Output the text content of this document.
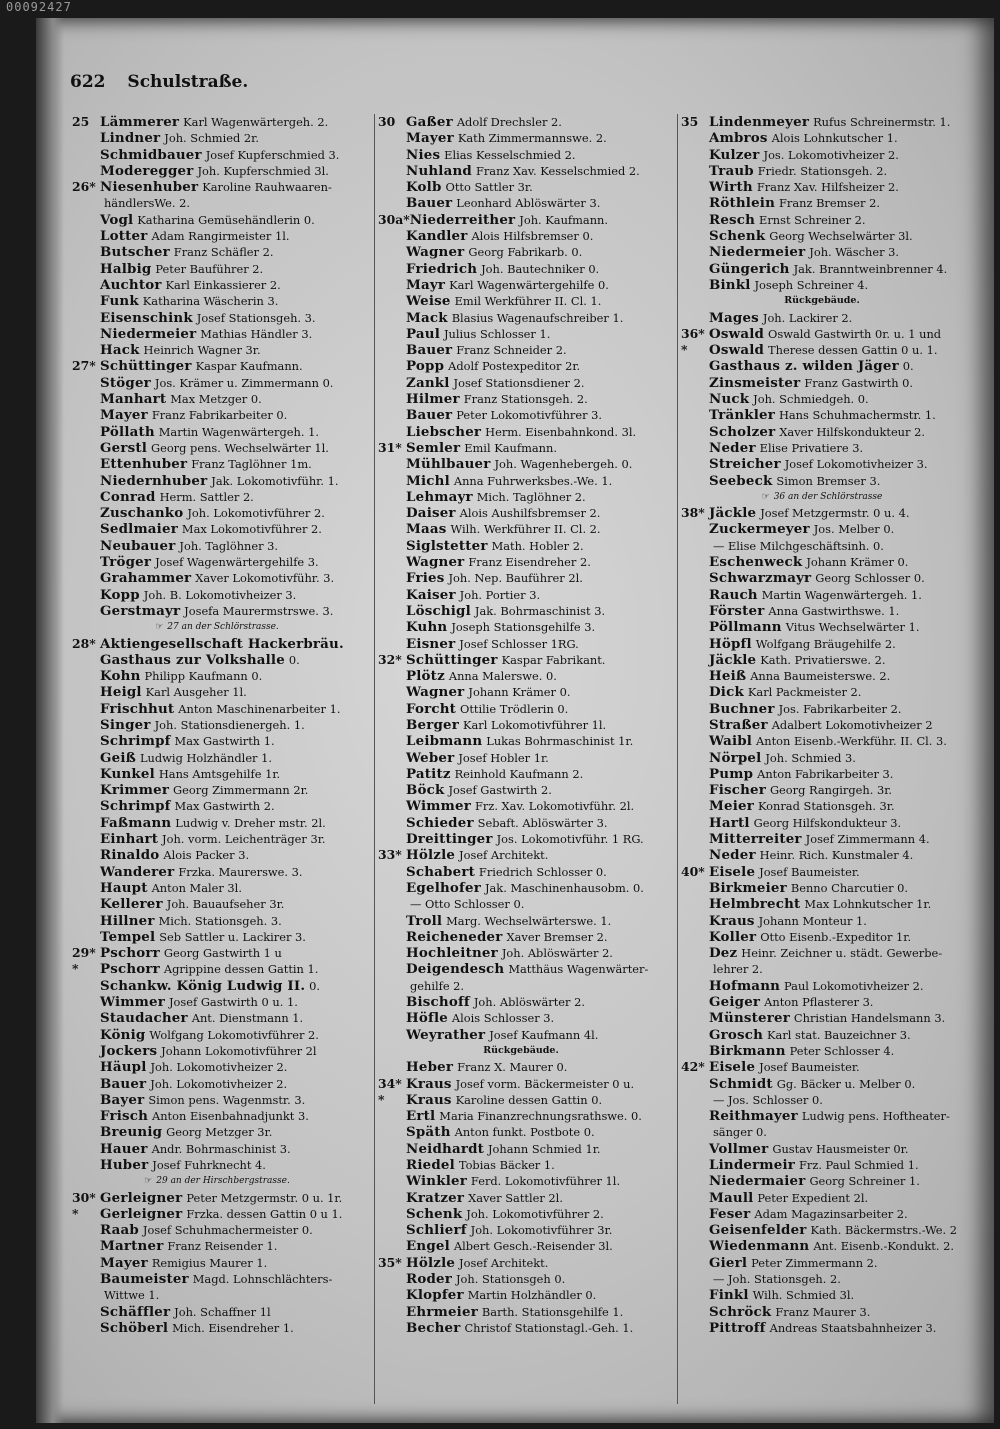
00092427
622 Schulstraße.
25 Lämmerer Karl Wagenwärtergeh. 2.
Lindner Joh. Schmied 2r.
Schmidbauer Josef Kupferschmied 3.
Moderegger Joh. Kupferschmied 3l.
26* Niesenhuber Karoline Rauhwaaren-
händlersWe. 2.
Vogl Katharina Gemüsehändlerin 0.
Lotter Adam Rangirmeister 1l.
Butscher Franz Schäfler 2.
Halbig Peter Bauführer 2.
Auchtor Karl Einkassierer 2.
Funk Katharina Wäscherin 3.
Eisenschink Josef Stationsgeh. 3.
Niedermeier Mathias Händler 3.
Hack Heinrich Wagner 3r.
27* Schüttinger Kaspar Kaufmann.
Stöger Jos. Krämer u. Zimmermann 0.
Manhart Max Metzger 0.
Mayer Franz Fabrikarbeiter 0.
Pöllath Martin Wagenwärtergeh. 1.
Gerstl Georg pens. Wechselwärter 1l.
Ettenhuber Franz Taglöhner 1m.
Niedernhuber Jak. Lokomotivführ. 1.
Conrad Herm. Sattler 2.
Zuschanko Joh. Lokomotivführer 2.
Sedlmaier Max Lokomotivführer 2.
Neubauer Joh. Taglöhner 3.
Tröger Josef Wagenwärtergehilfe 3.
Grahammer Xaver Lokomotivführ. 3.
Kopp Joh. B. Lokomotivheizer 3.
Gerstmayr Josefa Maurermstrswe. 3.
☞ 27 an der Schlörstrasse.
28* Aktiengesellschaft Hackerbräu.
Gasthaus zur Volkshalle 0.
Kohn Philipp Kaufmann 0.
Heigl Karl Ausgeher 1l.
Frischhut Anton Maschinenarbeiter 1.
Singer Joh. Stationsdienergeh. 1.
Schrimpf Max Gastwirth 1.
Geiß Ludwig Holzhändler 1.
Kunkel Hans Amtsgehilfe 1r.
Krimmer Georg Zimmermann 2r.
Schrimpf Max Gastwirth 2.
Faßmann Ludwig v. Dreher mstr. 2l.
Einhart Joh. vorm. Leichenträger 3r.
Rinaldo Alois Packer 3.
Wanderer Frzka. Maurerswe. 3.
Haupt Anton Maler 3l.
Kellerer Joh. Bauaufseher 3r.
Hillner Mich. Stationsgeh. 3.
Tempel Seb Sattler u. Lackirer 3.
29* Pschorr Georg Gastwirth 1 u
* Pschorr Agrippine dessen Gattin 1.
Schankw. König Ludwig II. 0.
Wimmer Josef Gastwirth 0 u. 1.
Staudacher Ant. Dienstmann 1.
König Wolfgang Lokomotivführer 2.
Jockers Johann Lokomotivführer 2l
Häupl Joh. Lokomotivheizer 2.
Bauer Joh. Lokomotivheizer 2.
Bayer Simon pens. Wagenmstr. 3.
Frisch Anton Eisenbahnadjunkt 3.
Breunig Georg Metzger 3r.
Hauer Andr. Bohrmaschinist 3.
Huber Josef Fuhrknecht 4.
☞ 29 an der Hirschbergstrasse.
30* Gerleigner Peter Metzgermstr. 0 u. 1r.
* Gerleigner Frzka. dessen Gattin 0 u 1.
Raab Josef Schuhmachermeister 0.
Martner Franz Reisender 1.
Mayer Remigius Maurer 1.
Baumeister Magd. Lohnschlächters-
Wittwe 1.
Schäffler Joh. Schaffner 1l
Schöberl Mich. Eisendreher 1.
30 Gaßer Adolf Drechsler 2.
Mayer Kath Zimmermannswe. 2.
Nies Elias Kesselschmied 2.
Nuhland Franz Xav. Kesselschmied 2.
Kolb Otto Sattler 3r.
Bauer Leonhard Ablöswärter 3.
30a*Niederreither Joh. Kaufmann.
Kandler Alois Hilfsbremser 0.
Wagner Georg Fabrikarb. 0.
Friedrich Joh. Bautechniker 0.
Mayr Karl Wagenwärtergehilfe 0.
Weise Emil Werkführer II. Cl. 1.
Mack Blasius Wagenaufschreiber 1.
Paul Julius Schlosser 1.
Bauer Franz Schneider 2.
Popp Adolf Postexpeditor 2r.
Zankl Josef Stationsdiener 2.
Hilmer Franz Stationsgeh. 2.
Bauer Peter Lokomotivführer 3.
Liebscher Herm. Eisenbahnkond. 3l.
31* Semler Emil Kaufmann.
Mühlbauer Joh. Wagenhebergeh. 0.
Michl Anna Fuhrwerksbes.-We. 1.
Lehmayr Mich. Taglöhner 2.
Daiser Alois Aushilfsbremser 2.
Maas Wilh. Werkführer II. Cl. 2.
Siglstetter Math. Hobler 2.
Wagner Franz Eisendreher 2.
Fries Joh. Nep. Bauführer 2l.
Kaiser Joh. Portier 3.
Löschigl Jak. Bohrmaschinist 3.
Kuhn Joseph Stationsgehilfe 3.
Eisner Josef Schlosser 1RG.
32* Schüttinger Kaspar Fabrikant.
Plötz Anna Malerswe. 0.
Wagner Johann Krämer 0.
Forcht Ottilie Trödlerin 0.
Berger Karl Lokomotivführer 1l.
Leibmann Lukas Bohrmaschinist 1r.
Weber Josef Hobler 1r.
Patitz Reinhold Kaufmann 2.
Böck Josef Gastwirth 2.
Wimmer Frz. Xav. Lokomotivführ. 2l.
Schieder Sebaft. Ablöswärter 3.
Dreittinger Jos. Lokomotivführ. 1 RG.
33* Hölzle Josef Architekt.
Schabert Friedrich Schlosser 0.
Egelhofer Jak. Maschinenhausobm. 0.
— Otto Schlosser 0.
Troll Marg. Wechselwärterswe. 1.
Reicheneder Xaver Bremser 2.
Hochleitner Joh. Ablöswärter 2.
Deigendesch Matthäus Wagenwärter-
gehilfe 2.
Bischoff Joh. Ablöswärter 2.
Höfle Alois Schlosser 3.
Weyrather Josef Kaufmann 4l.
Rückgebäude.
Heber Franz X. Maurer 0.
34* Kraus Josef vorm. Bäckermeister 0 u.
* Kraus Karoline dessen Gattin 0.
Ertl Maria Finanzrechnungsrathswe. 0.
Späth Anton funkt. Postbote 0.
Neidhardt Johann Schmied 1r.
Riedel Tobias Bäcker 1.
Winkler Ferd. Lokomotivführer 1l.
Kratzer Xaver Sattler 2l.
Schenk Joh. Lokomotivführer 2.
Schlierf Joh. Lokomotivführer 3r.
Engel Albert Gesch.-Reisender 3l.
35* Hölzle Josef Architekt.
Roder Joh. Stationsgeh 0.
Klopfer Martin Holzhändler 0.
Ehrmeier Barth. Stationsgehilfe 1.
Becher Christof Stationstagl.-Geh. 1.
35 Lindenmeyer Rufus Schreinermstr. 1.
Ambros Alois Lohnkutscher 1.
Kulzer Jos. Lokomotivheizer 2.
Traub Friedr. Stationsgeh. 2.
Wirth Franz Xav. Hilfsheizer 2.
Röthlein Franz Bremser 2.
Resch Ernst Schreiner 2.
Schenk Georg Wechselwärter 3l.
Niedermeier Joh. Wäscher 3.
Güngerich Jak. Branntweinbrenner 4.
Binkl Joseph Schreiner 4.
Rückgebäude.
Mages Joh. Lackirer 2.
36* Oswald Oswald Gastwirth 0r. u. 1 und
* Oswald Therese dessen Gattin 0 u. 1.
Gasthaus z. wilden Jäger 0.
Zinsmeister Franz Gastwirth 0.
Nuck Joh. Schmiedgeh. 0.
Tränkler Hans Schuhmachermstr. 1.
Scholzer Xaver Hilfskondukteur 2.
Neder Elise Privatiere 3.
Streicher Josef Lokomotivheizer 3.
Seebeck Simon Bremser 3.
☞ 36 an der Schlörstrasse
38* Jäckle Josef Metzgermstr. 0 u. 4.
Zuckermeyer Jos. Melber 0.
— Elise Milchgeschäftsinh. 0.
Eschenweck Johann Krämer 0.
Schwarzmayr Georg Schlosser 0.
Rauch Martin Wagenwärtergeh. 1.
Förster Anna Gastwirthswe. 1.
Pöllmann Vitus Wechselwärter 1.
Höpfl Wolfgang Bräugehilfe 2.
Jäckle Kath. Privatierswe. 2.
Heiß Anna Baumeisterswe. 2.
Dick Karl Packmeister 2.
Buchner Jos. Fabrikarbeiter 2.
Straßer Adalbert Lokomotivheizer 2
Waibl Anton Eisenb.-Werkführ. II. Cl. 3.
Nörpel Joh. Schmied 3.
Pump Anton Fabrikarbeiter 3.
Fischer Georg Rangirgeh. 3r.
Meier Konrad Stationsgeh. 3r.
Hartl Georg Hilfskondukteur 3.
Mitterreiter Josef Zimmermann 4.
Neder Heinr. Rich. Kunstmaler 4.
40* Eisele Josef Baumeister.
Birkmeier Benno Charcutier 0.
Helmbrecht Max Lohnkutscher 1r.
Kraus Johann Monteur 1.
Koller Otto Eisenb.-Expeditor 1r.
Dez Heinr. Zeichner u. städt. Gewerbe-
lehrer 2.
Hofmann Paul Lokomotivheizer 2.
Geiger Anton Pflasterer 3.
Münsterer Christian Handelsmann 3.
Grosch Karl stat. Bauzeichner 3.
Birkmann Peter Schlosser 4.
42* Eisele Josef Baumeister.
Schmidt Gg. Bäcker u. Melber 0.
— Jos. Schlosser 0.
Reithmayer Ludwig pens. Hoftheater-
sänger 0.
Vollmer Gustav Hausmeister 0r.
Lindermeir Frz. Paul Schmied 1.
Niedermaier Georg Schreiner 1.
Maull Peter Expedient 2l.
Feser Adam Magazinsarbeiter 2.
Geisenfelder Kath. Bäckermstrs.-We. 2
Wiedenmann Ant. Eisenb.-Kondukt. 2.
Gierl Peter Zimmermann 2.
— Joh. Stationsgeh. 2.
Finkl Wilh. Schmied 3l.
Schröck Franz Maurer 3.
Pittroff Andreas Staatsbahnheizer 3.
